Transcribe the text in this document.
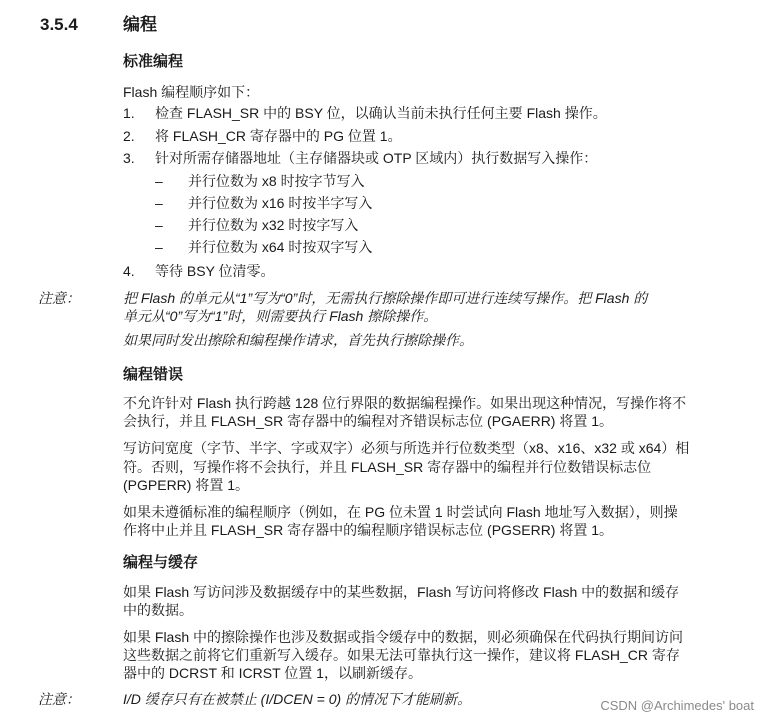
3.5.4	编程
标准编程
Flash 编程顺序如下：
1. 检查 FLASH_SR 中的 BSY 位，以确认当前未执行任何主要 Flash 操作。
2. 将 FLASH_CR 寄存器中的 PG 位置 1。
3. 针对所需存储器地址（主存储器块或 OTP 区域内）执行数据写入操作：
– 并行位数为 x8 时按字节写入
– 并行位数为 x16 时按半字写入
– 并行位数为 x32 时按字写入
– 并行位数为 x64 时按双字写入
4. 等待 BSY 位清零。
注意：	把 Flash 的单元从“1”写为“0”时，无需执行擦除操作即可进行连续写操作。把 Flash 的
单元从“0”写为“1”时，则需要执行 Flash 擦除操作。
如果同时发出擦除和编程操作请求，首先执行擦除操作。
编程错误
不允许针对 Flash 执行跨越 128 位行界限的数据编程操作。如果出现这种情况，写操作将不
会执行，并且 FLASH_SR 寄存器中的编程对齐错误标志位 (PGAERR) 将置 1。
写访问宽度（字节、半字、字或双字）必须与所选并行位数类型（x8、x16、x32 或 x64）相
符。否则，写操作将不会执行，并且 FLASH_SR 寄存器中的编程并行位数错误标志位
(PGPERR) 将置 1。
如果未遵循标准的编程顺序（例如，在 PG 位未置 1 时尝试向 Flash 地址写入数据），则操
作将中止并且 FLASH_SR 寄存器中的编程顺序错误标志位 (PGSERR) 将置 1。
编程与缓存
如果 Flash 写访问涉及数据缓存中的某些数据，Flash 写访问将修改 Flash 中的数据和缓存
中的数据。
如果 Flash 中的擦除操作也涉及数据或指令缓存中的数据，则必须确保在代码执行期间访问
这些数据之前将它们重新写入缓存。如果无法可靠执行这一操作，建议将 FLASH_CR 寄存
器中的 DCRST 和 ICRST 位置 1，以刷新缓存。
注意：	I/D 缓存只有在被禁止 (I/DCEN = 0) 的情况下才能刷新。	CSDN @Archimedes' boat
